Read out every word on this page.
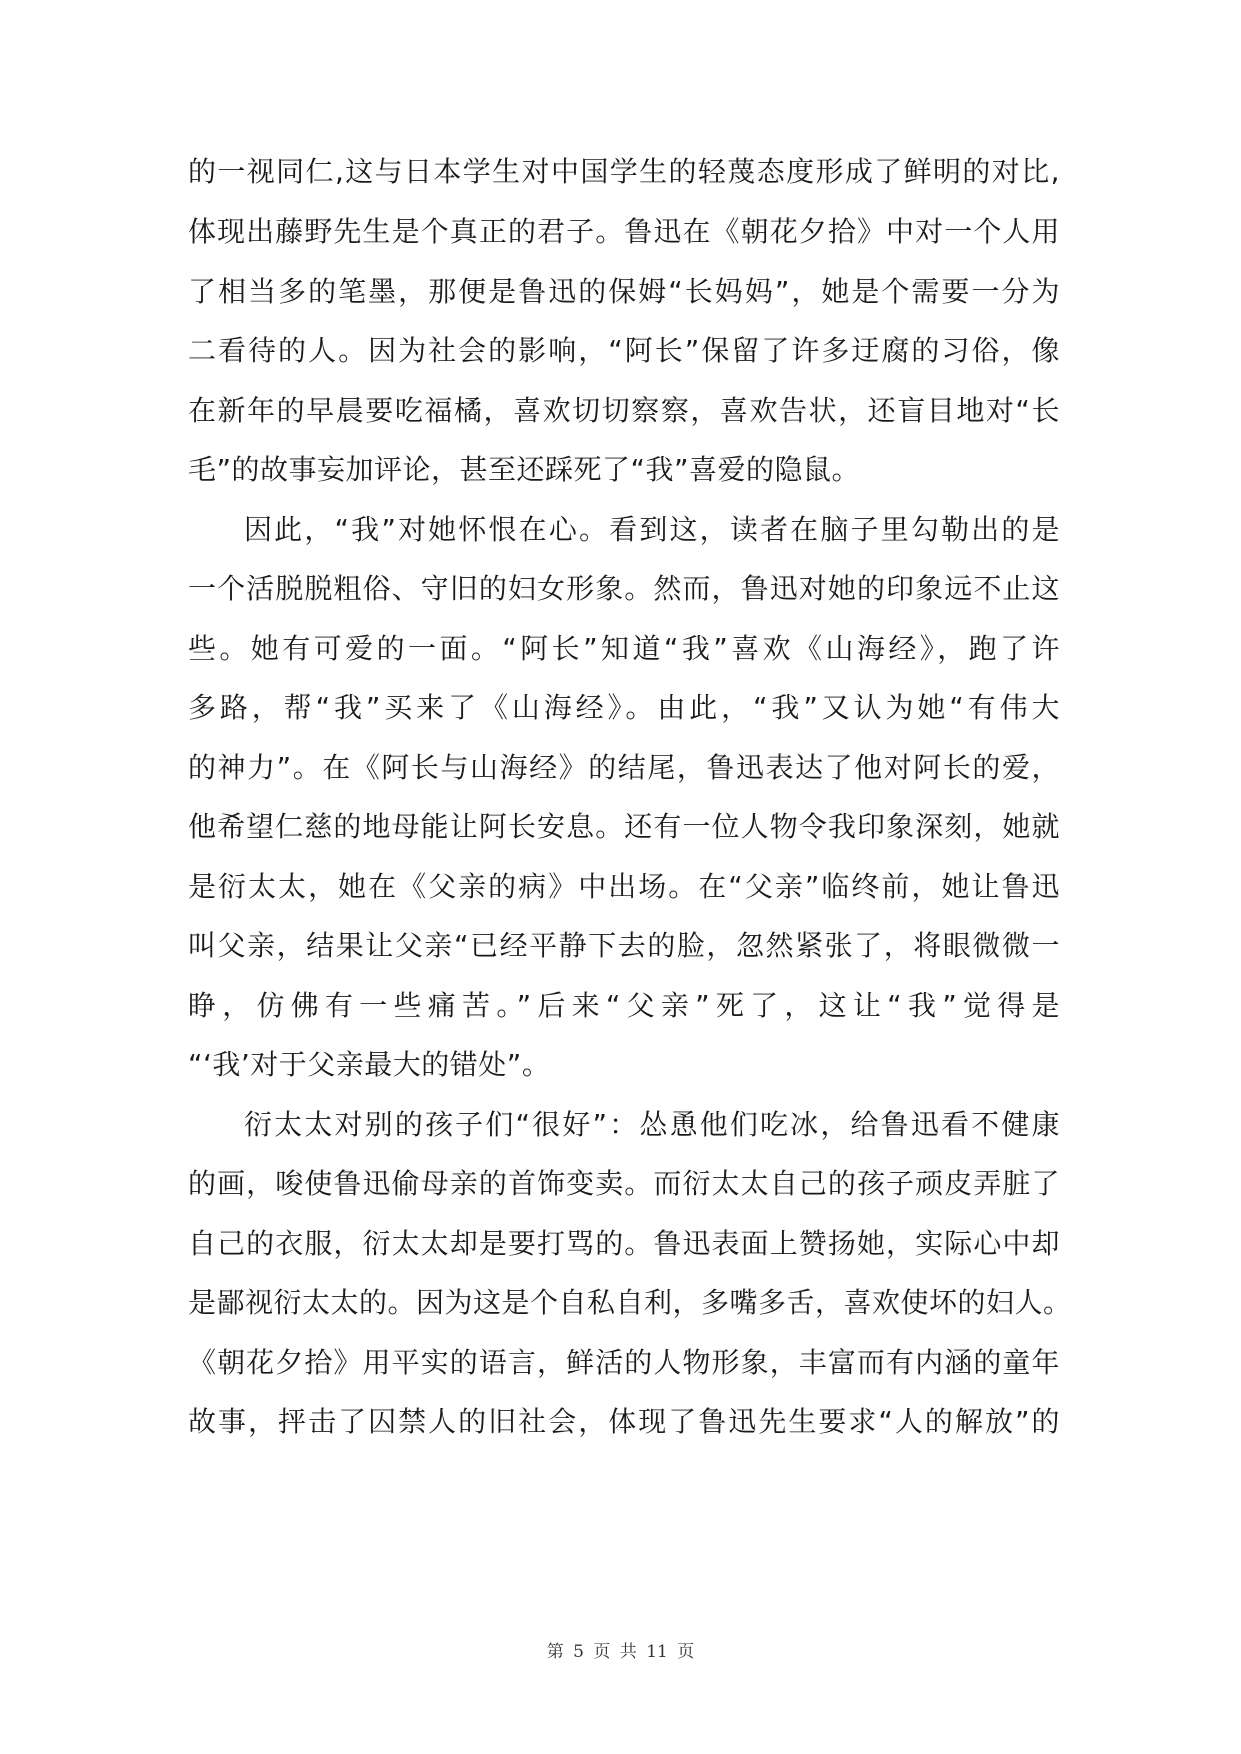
的一视同仁,这与日本学生对中国学生的轻蔑态度形成了鲜明的对比,
体现出藤野先生是个真正的君子。鲁迅在《朝花夕拾》中对一个人用
了相当多的笔墨，那便是鲁迅的保姆“长妈妈”，她是个需要一分为
二看待的人。因为社会的影响，“阿长”保留了许多迂腐的习俗，像
在新年的早晨要吃福橘，喜欢切切察察，喜欢告状，还盲目地对“长
毛”的故事妄加评论，甚至还踩死了“我”喜爱的隐鼠。
因此，“我”对她怀恨在心。看到这，读者在脑子里勾勒出的是
一个活脱脱粗俗、守旧的妇女形象。然而，鲁迅对她的印象远不止这
些。她有可爱的一面。“阿长”知道“我”喜欢《山海经》，跑了许
多路，帮“我”买来了《山海经》。由此，“我”又认为她“有伟大
的神力”。在《阿长与山海经》的结尾，鲁迅表达了他对阿长的爱，
他希望仁慈的地母能让阿长安息。还有一位人物令我印象深刻，她就
是衍太太，她在《父亲的病》中出场。在“父亲”临终前，她让鲁迅
叫父亲，结果让父亲“已经平静下去的脸，忽然紧张了，将眼微微一
睁，仿佛有一些痛苦。”后来“父亲”死了，这让“我”觉得是
“‘我’对于父亲最大的错处”。
衍太太对别的孩子们“很好”：怂恿他们吃冰，给鲁迅看不健康
的画，唆使鲁迅偷母亲的首饰变卖。而衍太太自己的孩子顽皮弄脏了
自己的衣服，衍太太却是要打骂的。鲁迅表面上赞扬她，实际心中却
是鄙视衍太太的。因为这是个自私自利，多嘴多舌，喜欢使坏的妇人。
《朝花夕拾》用平实的语言，鲜活的人物形象，丰富而有内涵的童年
故事，抨击了囚禁人的旧社会，体现了鲁迅先生要求“人的解放”的
第 5 页 共 11 页
